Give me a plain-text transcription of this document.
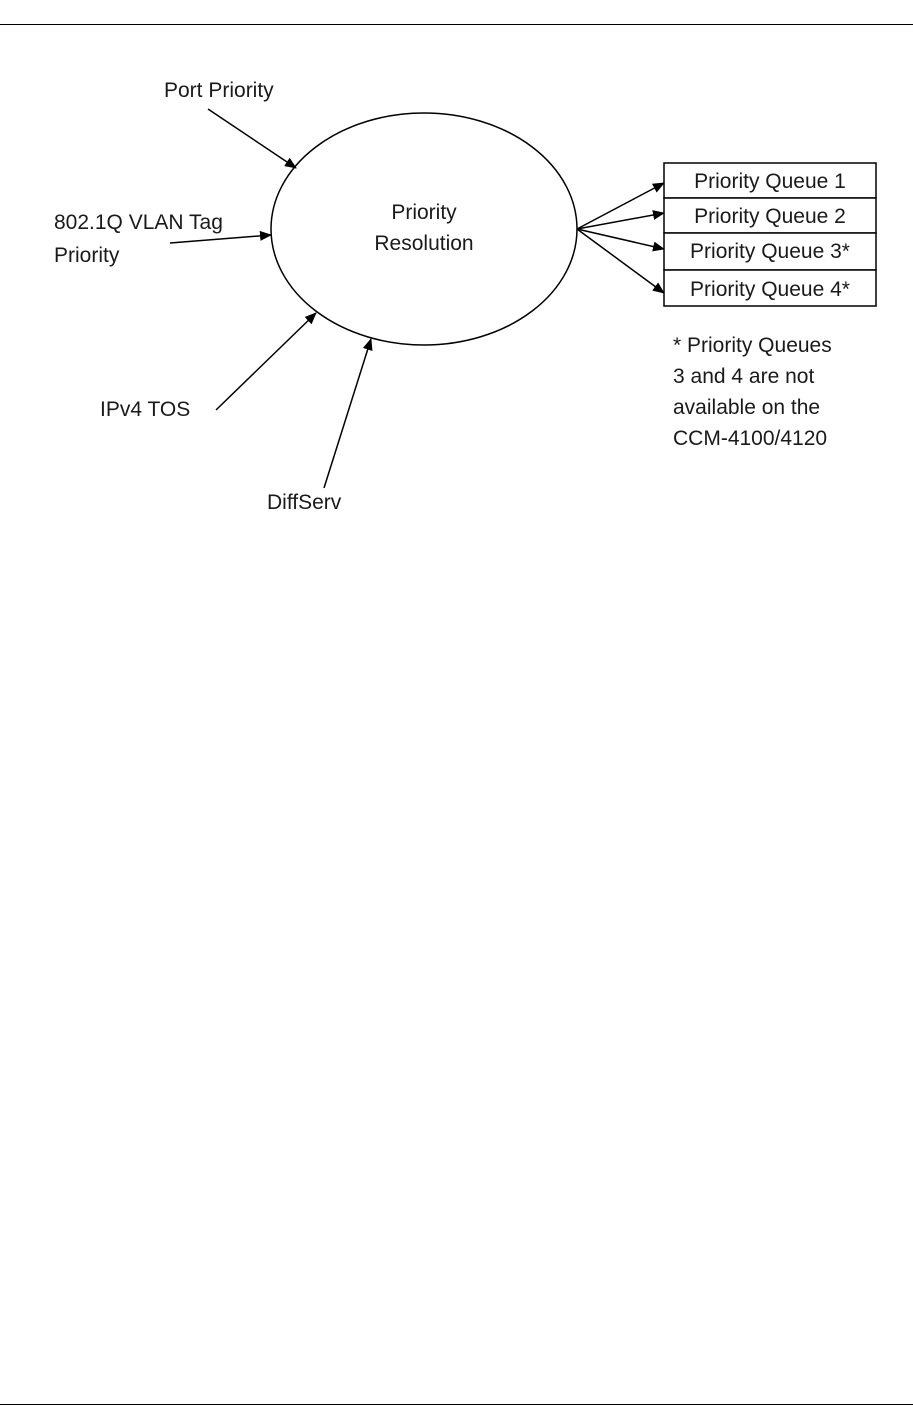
Priority
Resolution
Port Priority
802.1Q VLAN Tag
Priority
IPv4 TOS
DiffServ
Priority Queue 1
Priority Queue 2
Priority Queue 3*
Priority Queue 4*
* Priority Queues
3 and 4 are not
available on the
CCM-4100/4120
